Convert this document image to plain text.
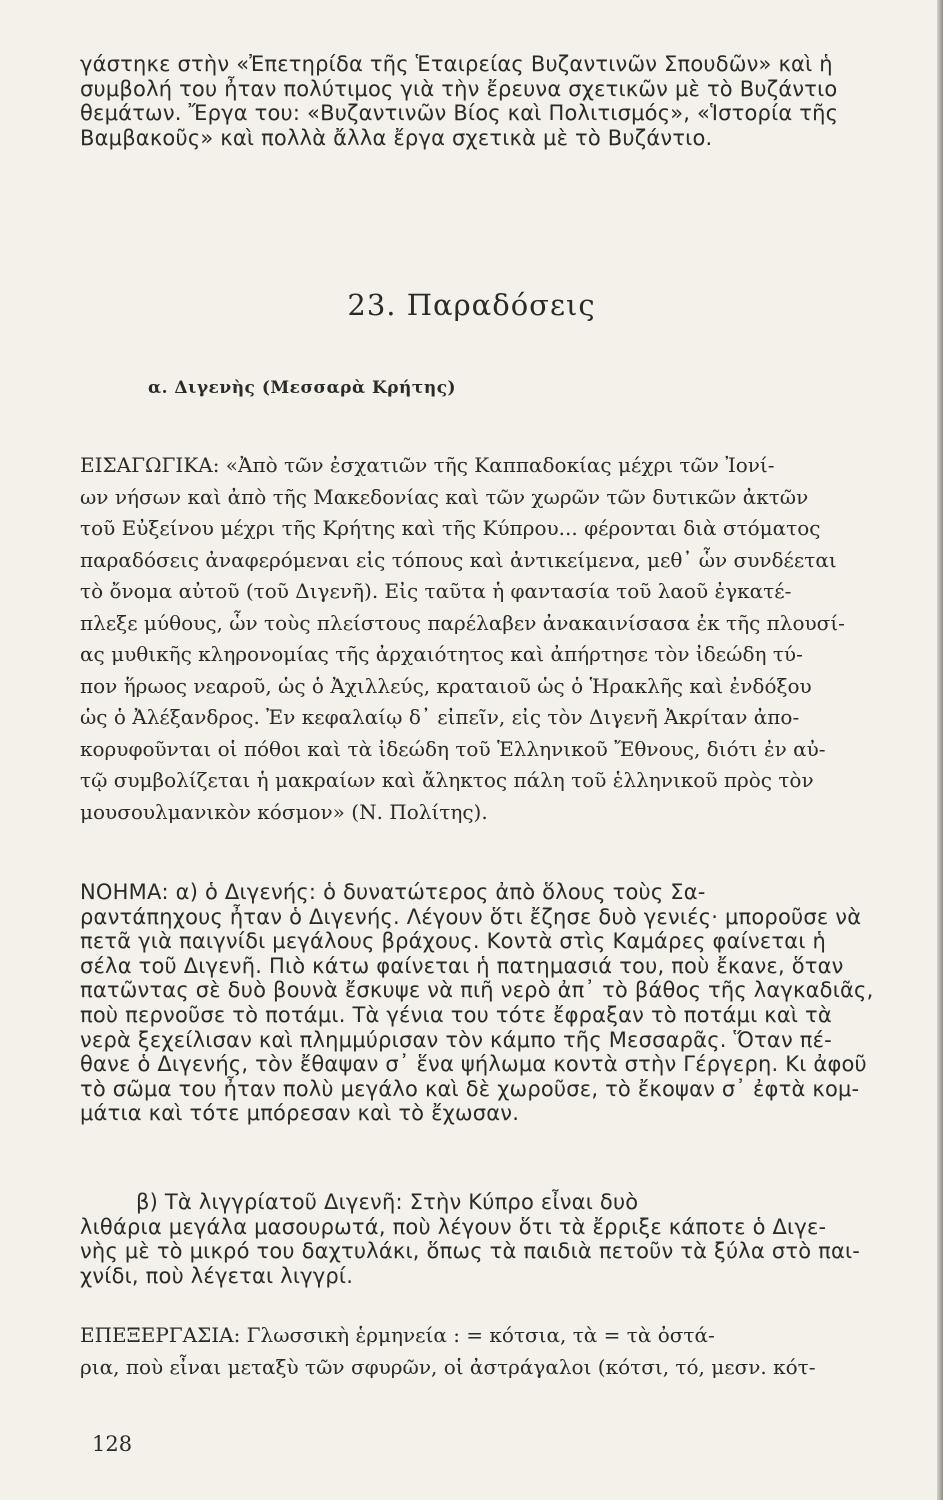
γάστηκε στὴν «Ἐπετηρίδα τῆς Ἑταιρείας Βυζαντινῶν Σπουδῶν» καὶ ἡ
συμβολή του ἦταν πολύτιμος γιὰ τὴν ἔρευνα σχετικῶν μὲ τὸ Βυζάντιο
θεμάτων. Ἔργα του: «Βυζαντινῶν Βίος καὶ Πολιτισμός», «Ἱστορία τῆς
Βαμβακοῦς» καὶ πολλὰ ἄλλα ἔργα σχετικὰ μὲ τὸ Βυζάντιο.
23. Παραδόσεις
α. Διγενὴς (Μεσσαρὰ Κρήτης)
ΕΙΣΑΓΩΓΙΚΑ: «Ἀπὸ τῶν ἐσχατιῶν τῆς Καππαδοκίας μέχρι τῶν Ἰονί-
ων νήσων καὶ ἀπὸ τῆς Μακεδονίας καὶ τῶν χωρῶν τῶν δυτικῶν ἀκτῶν
τοῦ Εὐξείνου μέχρι τῆς Κρήτης καὶ τῆς Κύπρου... φέρονται διὰ στόματος
παραδόσεις ἀναφερόμεναι εἰς τόπους καὶ ἀντικείμενα, μεθ᾿ ὧν συνδέεται
τὸ ὄνομα αὐτοῦ (τοῦ Διγενῆ). Εἰς ταῦτα ἡ φαντασία τοῦ λαοῦ ἐγκατέ-
πλεξε μύθους, ὧν τοὺς πλείστους παρέλαβεν ἀνακαινίσασα ἐκ τῆς πλουσί-
ας μυθικῆς κληρονομίας τῆς ἀρχαιότητος καὶ ἀπήρτησε τὸν ἰδεώδη τύ-
πον ἥρωος νεαροῦ, ὡς ὁ Ἀχιλλεύς, κραταιοῦ ὡς ὁ Ἡρακλῆς καὶ ἐνδόξου
ὡς ὁ Ἀλέξανδρος. Ἐν κεφαλαίῳ δ᾿ εἰπεῖν, εἰς τὸν Διγενῆ Ἀκρίταν ἀπο-
κορυφοῦνται οἱ πόθοι καὶ τὰ ἰδεώδη τοῦ Ἑλληνικοῦ Ἔθνους, διότι ἐν αὐ-
τῷ συμβολίζεται ἡ μακραίων καὶ ἄληκτος πάλη τοῦ ἑλληνικοῦ πρὸς τὸν
μουσουλμανικὸν κόσμον» (Ν. Πολίτης).
ΝΟΗΜΑ: α) ὁ Διγενής: ὁ δυνατώτερος ἀπὸ ὅλους τοὺς Σα-
ραντάπηχους ἦταν ὁ Διγενής. Λέγουν ὅτι ἔζησε δυὸ γενιές· μποροῦσε νὰ
πετᾶ γιὰ παιγνίδι μεγάλους βράχους. Κοντὰ στὶς Καμάρες φαίνεται ἡ
σέλα τοῦ Διγενῆ. Πιὸ κάτω φαίνεται ἡ πατημασιά του, ποὺ ἔκανε, ὅταν
πατῶντας σὲ δυὸ βουνὰ ἔσκυψε νὰ πιῆ νερὸ ἀπ᾿ τὸ βάθος τῆς λαγκαδιᾶς,
ποὺ περνοῦσε τὸ ποτάμι. Τὰ γένια του τότε ἔφραξαν τὸ ποτάμι καὶ τὰ
νερὰ ξεχείλισαν καὶ πλημμύρισαν τὸν κάμπο τῆς Μεσσαρᾶς. Ὅταν πέ-
θανε ὁ Διγενής, τὸν ἔθαψαν σ᾿ ἕνα ψήλωμα κοντὰ στὴν Γέργερη. Κι ἀφοῦ
τὸ σῶμα του ἦταν πολὺ μεγάλο καὶ δὲ χωροῦσε, τὸ ἔκοψαν σ᾿ ἐφτὰ κομ-
μάτια καὶ τότε μπόρεσαν καὶ τὸ ἔχωσαν.
β) Τὰ λιγγρίατοῦ Διγενῆ: Στὴν Κύπρο εἶναι δυὸ
λιθάρια μεγάλα μασουρωτά, ποὺ λέγουν ὅτι τὰ ἔρριξε κάποτε ὁ Διγε-
νὴς μὲ τὸ μικρό του δαχτυλάκι, ὅπως τὰ παιδιὰ πετοῦν τὰ ξύλα στὸ παι-
χνίδι, ποὺ λέγεται λιγγρί.
ΕΠΕΞΕΡΓΑΣΙΑ: Γλωσσικὴ ἑρμηνεία : = κότσια, τὰ = τὰ ὀστά-
ρια, ποὺ εἶναι μεταξὺ τῶν σφυρῶν, οἱ ἀστράγαλοι (κότσι, τό, μεσν. κότ-
128
